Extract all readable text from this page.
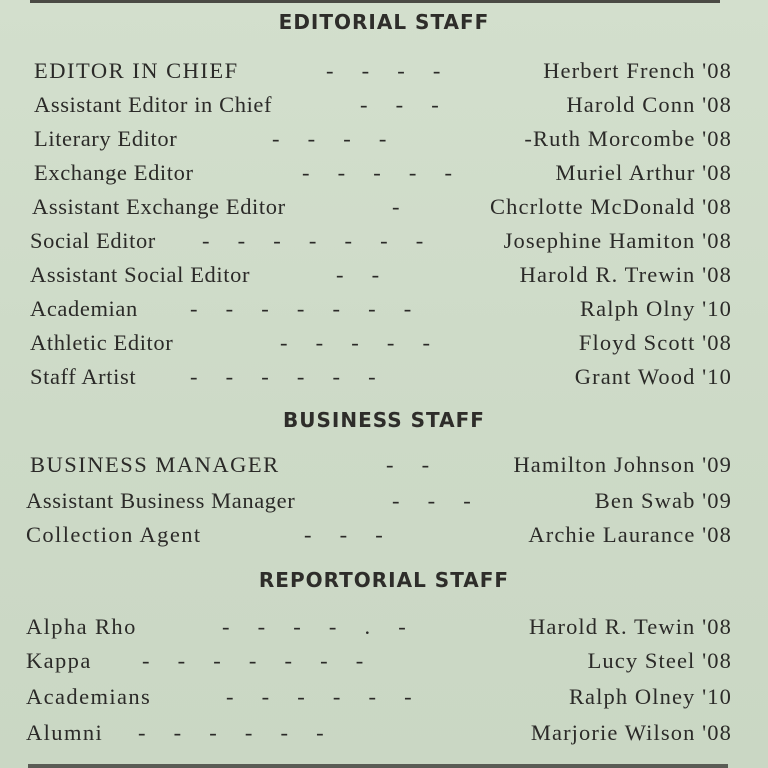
EDITORIAL STAFF
EDITOR IN CHIEF	-     -     -     -	Herbert French '08
Assistant Editor in Chief	-     -     -	Harold Conn '08
Literary Editor	-     -     -     -	-Ruth Morcombe '08
Exchange Editor	-     -     -     -     -	Muriel Arthur '08
Assistant Exchange Editor	-	Chcrlotte McDonald '08
Social Editor -     -     -     -     -     -     -	Josephine Hamiton '08
Assistant Social Editor	-     -	Harold R. Trewin '08
Academian -     -     -     -     -     -     -	Ralph Olny '10
Athletic Editor	-     -     -     -     -	Floyd Scott '08
Staff Artist -     -     -     -     -     -	Grant Wood '10
BUSINESS STAFF
BUSINESS MANAGER	-     -	Hamilton Johnson '09
Assistant Business Manager	-     -     -	Ben Swab '09
Collection Agent	-     -     -	Archie Laurance '08
REPORTORIAL STAFF
Alpha Rho	-     -     -     -     .     -	Harold R. Tewin '08
Kappa -     -     -     -     -     -     -	Lucy Steel '08
Academians	-     -     -     -     -     -	Ralph Olney '10
Alumni -     -     -     -     -     -	Marjorie Wilson '08
